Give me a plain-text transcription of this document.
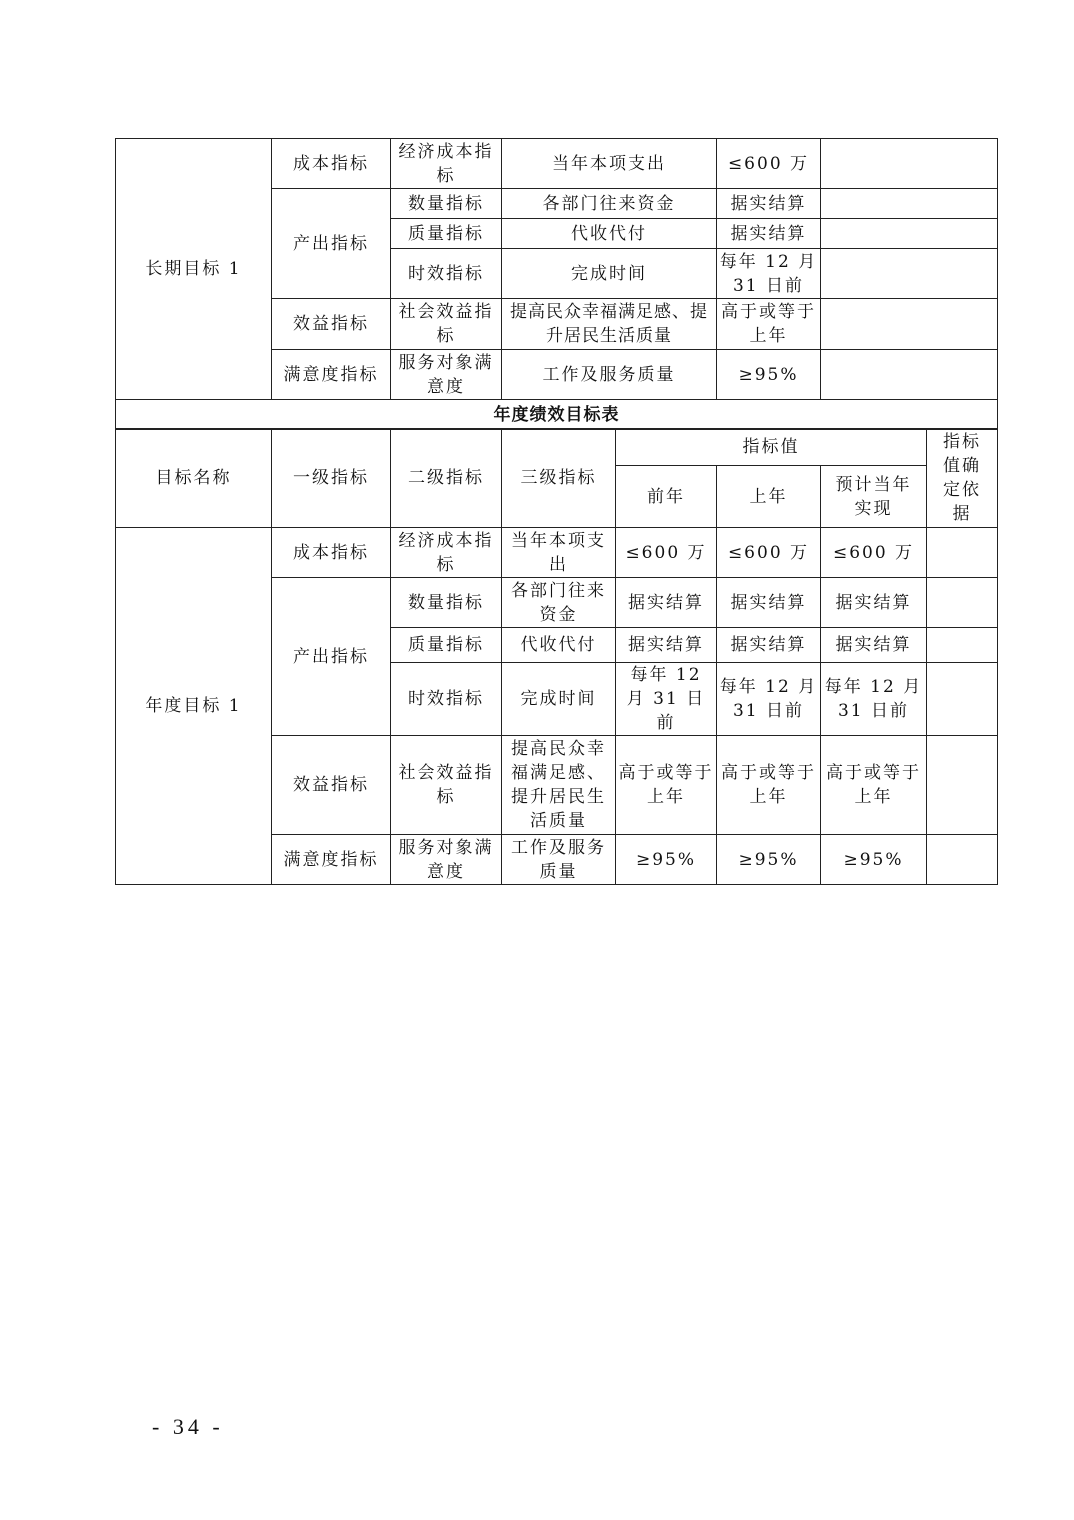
长期目标 1	成本指标	经济成本指标	当年本项支出	≤600 万	
	产出指标	数量指标	各部门往来资金	据实结算	
		质量指标	代收代付	据实结算	
		时效指标	完成时间	每年 12 月 31 日前	
	效益指标	社会效益指标	提高民众幸福满足感、提升居民生活质量	高于或等于上年	
	满意度指标	服务对象满意度	工作及服务质量	≥95%	
年度绩效目标表					
目标名称	一级指标	二级指标	三级指标	指标值			指标值确定依据
				前年	上年	预计当年实现	
年度目标 1	成本指标	经济成本指标	当年本项支出	≤600 万	≤600 万	≤600 万	
	产出指标	数量指标	各部门往来资金	据实结算	据实结算	据实结算	
		质量指标	代收代付	据实结算	据实结算	据实结算	
		时效指标	完成时间	每年 12 月 31 日前	每年 12 月 31 日前	每年 12 月 31 日前	
	效益指标	社会效益指标	提高民众幸福满足感、提升居民生活质量	高于或等于上年	高于或等于上年	高于或等于上年	
	满意度指标	服务对象满意度	工作及服务质量	≥95%	≥95%	≥95%	
- 34 -
